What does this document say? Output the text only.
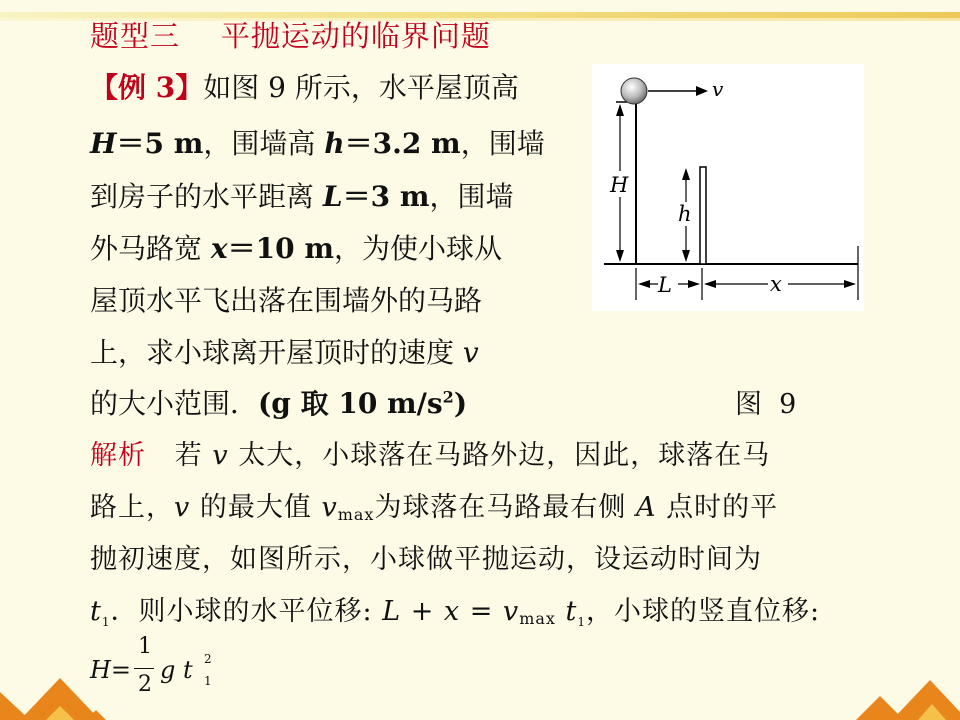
题型三    平抛运动的临界问题
【例 3】如图 9 所示，水平屋顶高
H＝5 m，围墙高 h＝3.2 m，围墙
到房子的水平距离 L＝3 m，围墙
外马路宽 x＝10 m，为使小球从
屋顶水平飞出落在围墙外的马路
上，求小球离开屋顶时的速度 v
的大小范围．(g 取 10 $m/s^2$)	图  9
v
H
h
L	x
解析 若 v 太大，小球落在马路外边，因此，球落在马
路上，v 的最大值 $v_{max}$为球落在马路最右侧 A 点时的平
抛初速度，如图所示，小球做平抛运动，设运动时间为
$t_1$．则小球的水平位移: $L + x = v_{max}$ $t_1$，小球的竖直位移:
H=
1
2
g t 2
1
